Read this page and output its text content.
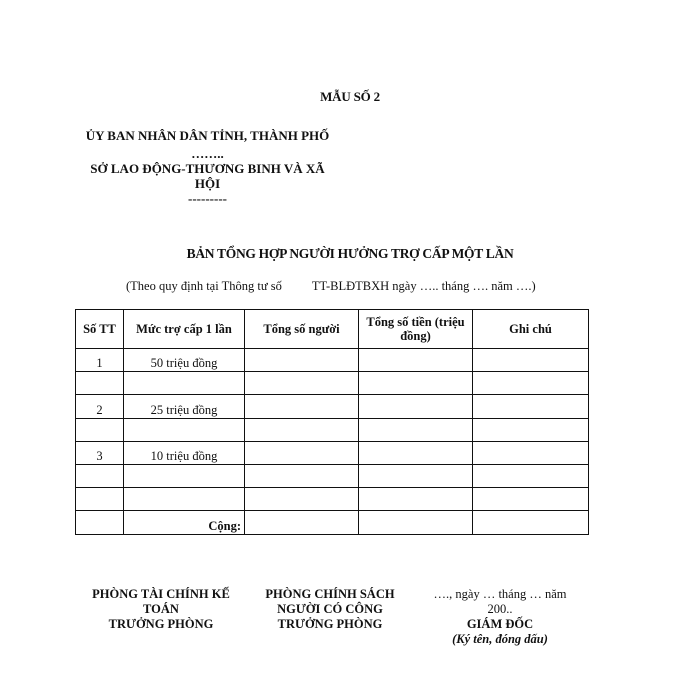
MẪU SỐ 2
ỦY BAN NHÂN DÂN TỈNH, THÀNH PHỐ
……..
SỞ LAO ĐỘNG-THƯƠNG BINH VÀ XÃ
HỘI
---------
BẢN TỔNG HỢP NGƯỜI HƯỞNG TRỢ CẤP MỘT LẦN
(Theo quy định tại Thông tư số TT-BLĐTBXH ngày ….. tháng …. năm ….)
Số TT	Mức trợ cấp 1 lần	Tổng số người	Tổng số tiền (triệu đồng)	Ghi chú
1	50 triệu đồng			

2	25 triệu đồng			

3	10 triệu đồng			

	Cộng:			
PHÒNG TÀI CHÍNH KẾ
TOÁN
TRƯỞNG PHÒNG
PHÒNG CHÍNH SÁCH
NGƯỜI CÓ CÔNG
TRƯỞNG PHÒNG
…., ngày … tháng … năm
200..
GIÁM ĐỐC
(Ký tên, đóng dấu)
